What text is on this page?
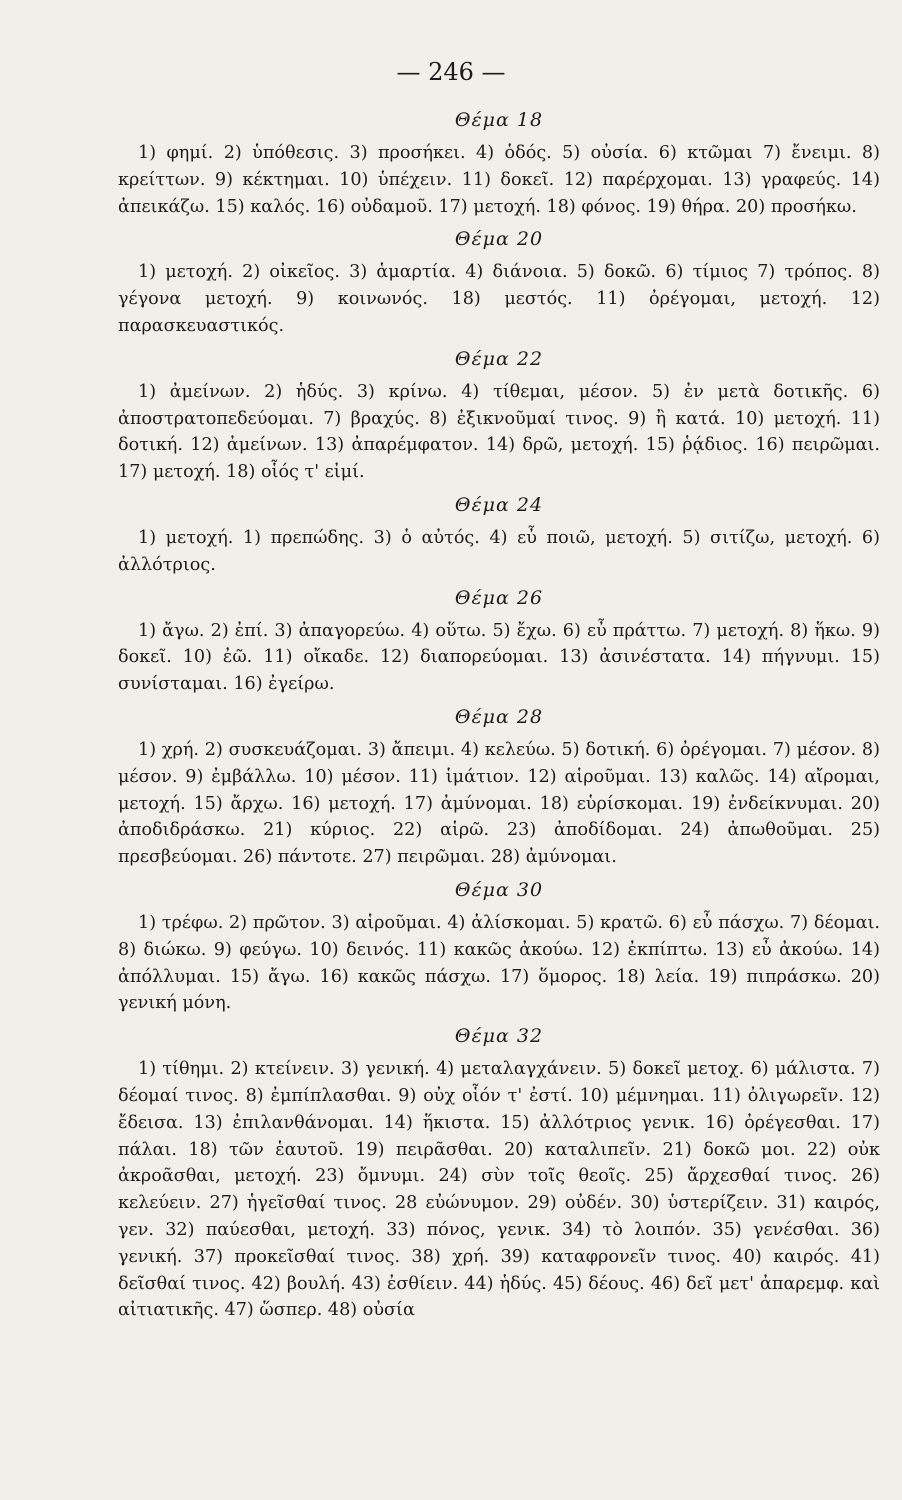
— 246 —
Θέμα 18

1) φημί. 2) ὑπόθεσις. 3) προσήκει. 4) ὁδός. 5) οὐσία. 6) κτῶμαι 7) ἔνειμι. 8) κρείττων. 9) κέκτημαι. 10) ὑπέχειν. 11) δοκεῖ. 12) παρέρχομαι. 13) γραφεύς. 14) ἀπεικάζω. 15) καλός. 16) οὐδαμοῦ. 17) μετοχή. 18) φόνος. 19) θήρα. 20) προσήκω.

Θέμα 20

1) μετοχή. 2) οἰκεῖος. 3) ἁμαρτία. 4) διάνοια. 5) δοκῶ. 6) τίμιος 7) τρόπος. 8) γέγονα μετοχή. 9) κοινωνός. 18) μεστός. 11) ὀρέγομαι, μετοχή. 12) παρασκευαστικός.

Θέμα 22

1) ἀμείνων. 2) ἡδύς. 3) κρίνω. 4) τίθεμαι, μέσον. 5) ἐν μετὰ δοτικῆς. 6) ἀποστρατοπεδεύομαι. 7) βραχύς. 8) ἐξικνοῦμαί τινος. 9) ἢ κατά. 10) μετοχή. 11) δοτική. 12) ἀμείνων. 13) ἀπαρέμφατον. 14) δρῶ, μετοχή. 15) ῥᾴδιος. 16) πειρῶμαι. 17) μετοχή. 18) οἷός τ' εἰμί.

Θέμα 24

1) μετοχή. 1) πρεπώδης. 3) ὁ αὐτός. 4) εὖ ποιῶ, μετοχή. 5) σιτίζω, μετοχή. 6) ἀλλότριος.

Θέμα 26

1) ἄγω. 2) ἐπί. 3) ἀπαγορεύω. 4) οὕτω. 5) ἔχω. 6) εὖ πράττω. 7) μετοχή. 8) ἥκω. 9) δοκεῖ. 10) ἐῶ. 11) οἴκαδε. 12) διαπορεύομαι. 13) ἀσινέστατα. 14) πήγνυμι. 15) συνίσταμαι. 16) ἐγείρω.

Θέμα 28

1) χρή. 2) συσκευάζομαι. 3) ἄπειμι. 4) κελεύω. 5) δοτική. 6) ὀρέγομαι. 7) μέσον. 8) μέσον. 9) ἐμβάλλω. 10) μέσον. 11) ἱμάτιον. 12) αἱροῦμαι. 13) καλῶς. 14) αἴρομαι, μετοχή. 15) ἄρχω. 16) μετοχή. 17) ἀμύνομαι. 18) εὑρίσκομαι. 19) ἐνδείκνυμαι. 20) ἀποδιδράσκω. 21) κύριος. 22) αἱρῶ. 23) ἀποδίδομαι. 24) ἀπωθοῦμαι. 25) πρεσβεύομαι. 26) πάντοτε. 27) πειρῶμαι. 28) ἀμύνομαι.

Θέμα 30

1) τρέφω. 2) πρῶτον. 3) αἱροῦμαι. 4) ἁλίσκομαι. 5) κρατῶ. 6) εὖ πάσχω. 7) δέομαι. 8) διώκω. 9) φεύγω. 10) δεινός. 11) κακῶς ἀκούω. 12) ἐκπίπτω. 13) εὖ ἀκούω. 14) ἀπόλλυμαι. 15) ἄγω. 16) κακῶς πάσχω. 17) ὅμορος. 18) λεία. 19) πιπράσκω. 20) γενική μόνη.

Θέμα 32

1) τίθημι. 2) κτείνειν. 3) γενική. 4) μεταλαγχάνειν. 5) δοκεῖ μετοχ. 6) μάλιστα. 7) δέομαί τινος. 8) ἐμπίπλασθαι. 9) οὐχ οἷόν τ' ἐστί. 10) μέμνημαι. 11) ὀλιγωρεῖν. 12) ἔδεισα. 13) ἐπιλανθάνομαι. 14) ἥκιστα. 15) ἀλλότριος γενικ. 16) ὀρέγεσθαι. 17) πάλαι. 18) τῶν ἑαυτοῦ. 19) πειρᾶσθαι. 20) καταλιπεῖν. 21) δοκῶ μοι. 22) οὐκ ἀκροᾶσθαι, μετοχή. 23) ὄμνυμι. 24) σὺν τοῖς θεοῖς. 25) ἄρχεσθαί τινος. 26) κελεύειν. 27) ἡγεῖσθαί τινος. 28 εὐώνυμον. 29) οὐδέν. 30) ὑστερίζειν. 31) καιρός, γεν. 32) παύεσθαι, μετοχή. 33) πόνος, γενικ. 34) τὸ λοιπόν. 35) γενέσθαι. 36) γενική. 37) προκεῖσθαί τινος. 38) χρή. 39) καταφρονεῖν τινος. 40) καιρός. 41) δεῖσθαί τινος. 42) βουλή. 43) ἐσθίειν. 44) ἡδύς. 45) δέους. 46) δεῖ μετ' ἀπαρεμφ. καὶ αἰτιατικῆς. 47) ὥσπερ. 48) οὐσία
